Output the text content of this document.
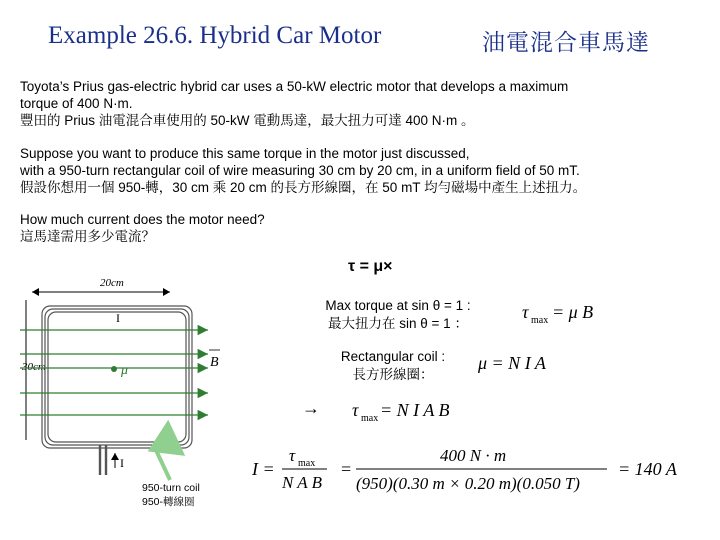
Example 26.6. Hybrid Car Motor	油電混合車馬達
Toyota’s Prius gas-electric hybrid car uses a 50-kW electric motor that develops a maximum
torque of 400 N·m.
豐田的 Prius 油電混合車使用的 50-kW 電動馬達，最大扭力可達 400 N·m 。
Suppose you want to produce this same torque in the motor just discussed,
with a 950-turn rectangular coil of wire measuring 30 cm by 20 cm, in a uniform field of 50 mT.
假設你想用一個 950-轉，30 cm 乘 20 cm 的長方形線圈，在 50 mT 均勻磁場中產生上述扭力。
How much current does the motor need?
這馬達需用多少電流？
τ = μ×
Max torque at sin θ = 1 :
最大扭力在 sin θ = 1 ：
Rectangular coil :
長方形線圈：
τ max = μ B
μ = N I A
→ τ max = N I A B
I =
τ max
N A B
=
400 N · m
(950)(0.30 m × 0.20 m)(0.050 T)
= 140 A
20cm
30cm
I
I
B
μ
950-turn coil
950-轉線圈
